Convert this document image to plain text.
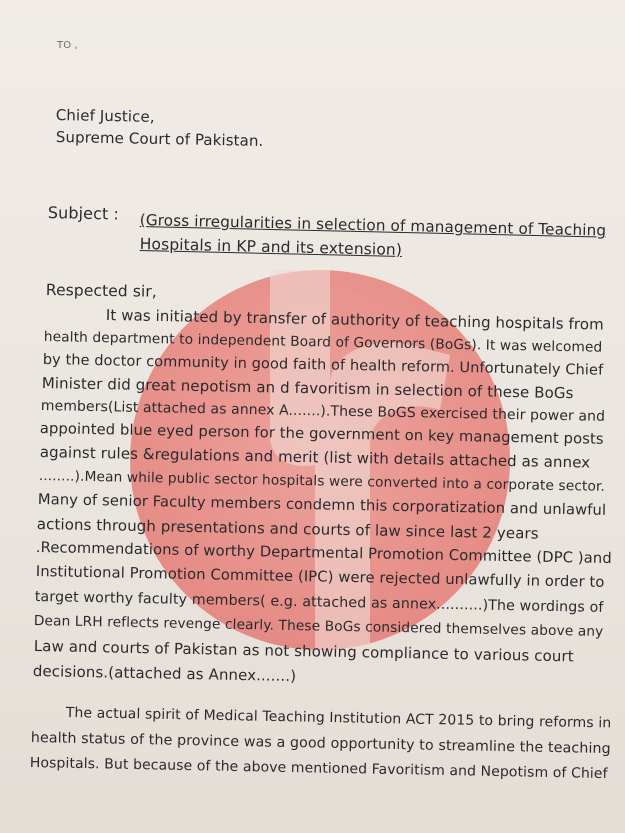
TO ,
Chief Justice,
Supreme Court of Pakistan.
Subject : (Gross irregularities in selection of management of Teaching
Hospitals in KP and its extension)
Respected sir,
It was initiated by transfer of authority of teaching hospitals from
health department to independent Board of Governors (BoGs). It was welcomed
by the doctor community in good faith of health reform. Unfortunately Chief
Minister did great nepotism an d favoritism in selection of these BoGs
members(List attached as annex A.......).These BoGS exercised their power and
appointed blue eyed person for the government on key management posts
against rules &regulations and merit (list with details attached as annex
........).Mean while public sector hospitals were converted into a corporate sector.
Many of senior Faculty members condemn this corporatization and unlawful
actions through presentations and courts of law since last 2 years
.Recommendations of worthy Departmental Promotion Committee (DPC )and
Institutional Promotion Committee (IPC) were rejected unlawfully in order to
target worthy faculty members( e.g. attached as annex..........)The wordings of
Dean LRH reflects revenge clearly. These BoGs considered themselves above any
Law and courts of Pakistan as not showing compliance to various court
decisions.(attached as Annex.......)
The actual spirit of Medical Teaching Institution ACT 2015 to bring reforms in
health status of the province was a good opportunity to streamline the teaching
Hospitals. But because of the above mentioned Favoritism and Nepotism of Chief
